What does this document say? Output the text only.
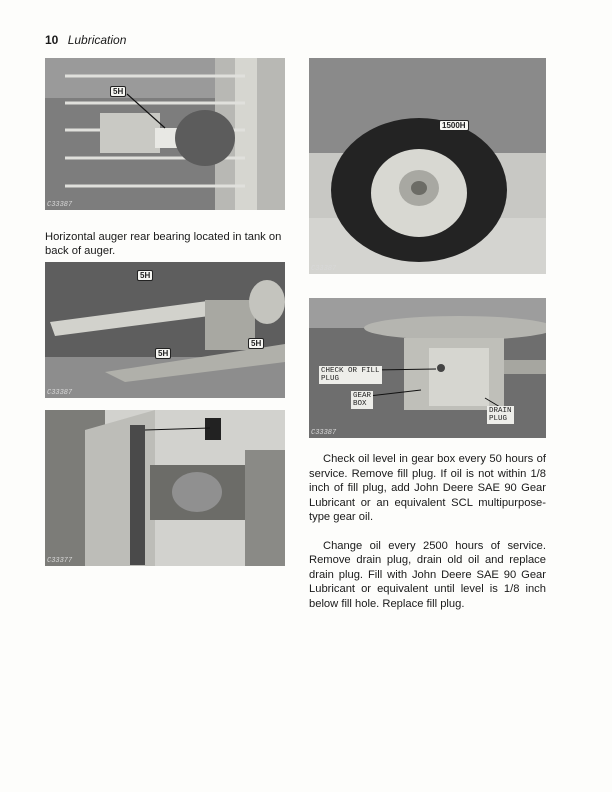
10 Lubrication
5H
C33387
Horizontal auger rear bearing located in tank on back of auger.
1500H
C33387
5H
5H
5H
C33387
CHECK OR FILL
PLUG
GEAR
BOX
DRAIN
PLUG
C33387
C33377

Check oil level in gear box every 50 hours of service. Remove fill plug. If oil is not within 1/8 inch of fill plug, add John Deere SAE 90 Gear Lubricant or an equivalent SCL multipurpose-type gear oil.

Change oil every 2500 hours of service. Remove drain plug, drain old oil and replace drain plug. Fill with John Deere SAE 90 Gear Lubricant or equivalent until level is 1/8 inch below fill hole. Replace fill plug.
